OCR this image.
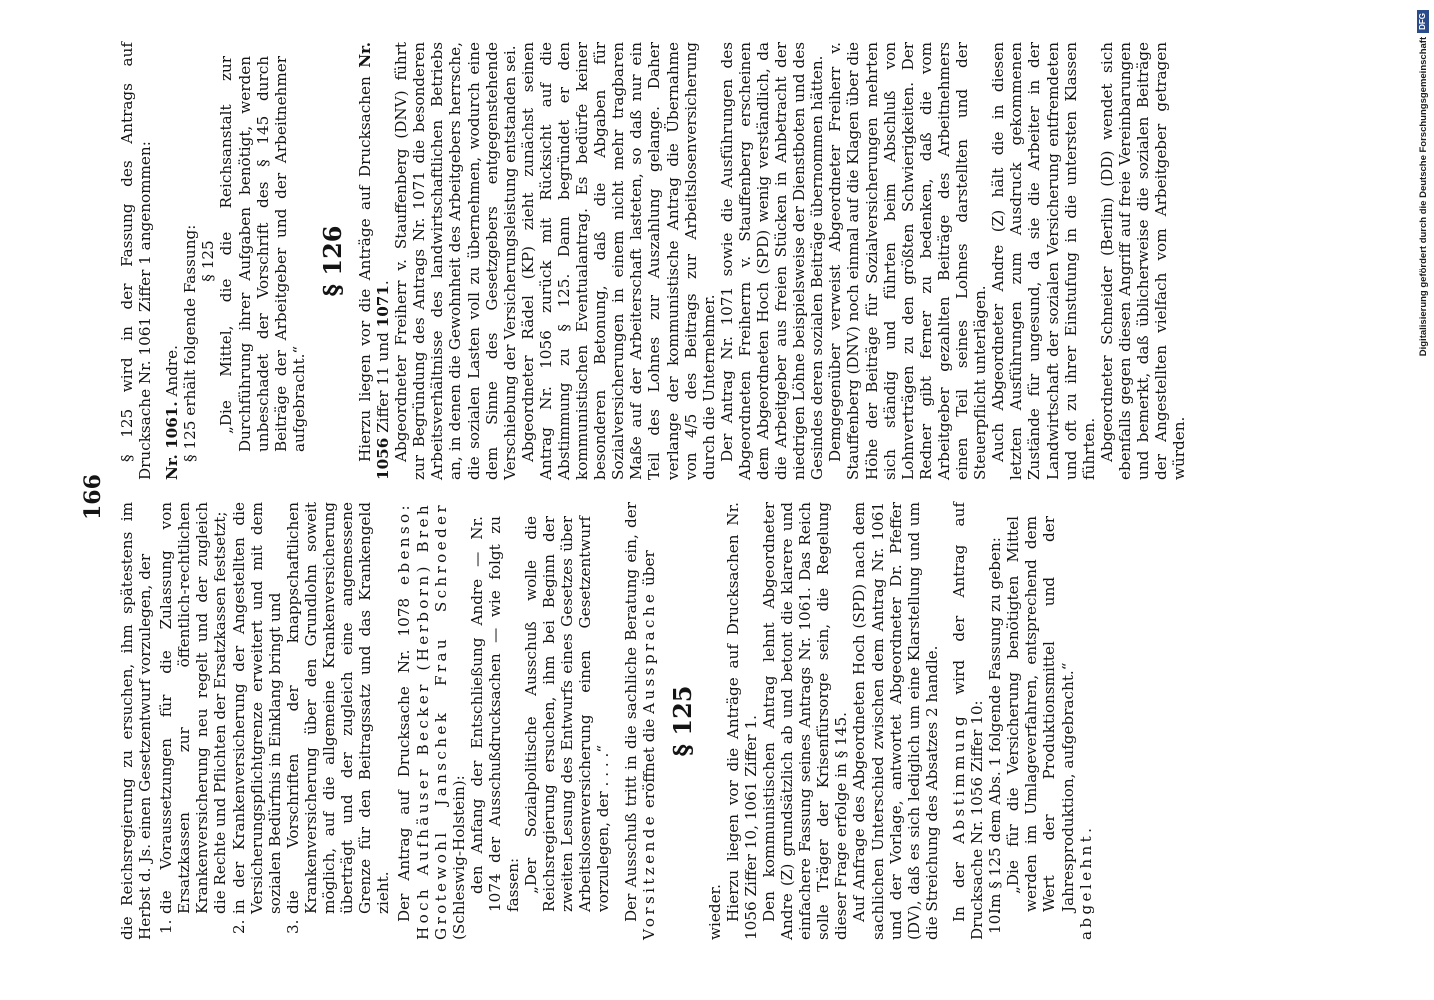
166

die Reichsregierung zu ersuchen, ihm spätestens im Herbst d. Js. einen Gesetzentwurf vorzulegen, der 1.
die Voraussetzungen für die Zulassung von Ersatzkassen zur öffentlich-rechtlichen Krankenversicherung neu regelt und der zugleich die Rechte und Pflichten der Ersatzkassen festsetzt;
2.
in der Krankenversicherung der Angestellten die Versicherungspflichtgrenze erweitert und mit dem sozialen Bedürfnis in Einklang bringt und
3.
die Vorschriften der knappschaftlichen Krankenversicherung über den Grundlohn soweit möglich, auf die allgemeine Krankenversicherung überträgt und der zugleich eine angemessene Grenze für den Beitragssatz und das Krankengeld zieht. Der Antrag auf Drucksache Nr. 1078 ebenso: Hoch Aufhäuser Becker (Herborn) Breh Grotewohl Janschek Frau Schroeder (Schleswig-Holstein): den Anfang der Entschließung Andre — Nr. 1074 der Ausschußdrucksachen — wie folgt zu fassen: „Der Sozialpolitische Ausschuß wolle die Reichsregierung ersuchen, ihm bei Beginn der zweiten Lesung des Entwurfs eines Gesetzes über Arbeitslosenversicherung einen Gesetzentwurf vorzulegen, der . . . .“ Der Ausschuß tritt in die sachliche Beratung ein, der Vorsitzende eröffnet die Aussprache über

§ 125

wieder. Hierzu liegen vor die Anträge auf Drucksachen Nr. 1056 Ziffer 10, 1061 Ziffer 1. Den kommunistischen Antrag lehnt Abgeordneter Andre (Z) grundsätzlich ab und betont die klarere und einfachere Fassung seines Antrags Nr. 1061. Das Reich solle Träger der Krisenfürsorge sein, die Regelung dieser Frage erfolge in § 145. Auf Anfrage des Abgeordneten Hoch (SPD) nach dem sachlichen Unterschied zwischen dem Antrag Nr. 1061 und der Vorlage, antwortet Abgeordneter Dr. Pfeffer (DV), daß es sich lediglich um eine Klarstellung und um die Streichung des Absatzes 2 handle. In der Abstimmung wird der Antrag auf Drucksache Nr. 1056 Ziffer 10: 10.
Im § 125 dem Abs. 1 folgende Fassung zu geben: „Die für die Versicherung benötigten Mittel werden im Umlageverfahren, entsprechend dem Wert der Produktionsmittel und der Jahresproduktion, aufgebracht.“ abgelehnt.

§ 125 wird in der Fassung des Antrags auf Drucksache Nr. 1061 Ziffer 1 angenommen: Nr. 1061. Andre. § 125 erhält folgende Fassung: § 125 „Die Mittel, die die Reichsanstalt zur Durchführung ihrer Aufgaben benötigt, werden unbeschadet der Vorschrift des § 145 durch Beiträge der Arbeitgeber und der Arbeitnehmer aufgebracht.“

§ 126 Hierzu liegen vor die Anträge auf Drucksachen Nr. 1056 Ziffer 11 und 1071. Abgeordneter Freiherr v. Stauffenberg (DNV) führt zur Begründung des Antrags Nr. 1071 die besonderen Arbeitsverhältnisse des landwirtschaftlichen Betriebs an, in denen die Gewohnheit des Arbeitgebers herrsche, die sozialen Lasten voll zu übernehmen, wodurch eine dem Sinne des Gesetzgebers entgegenstehende Verschiebung der Versicherungsleistung entstanden sei. Abgeordneter Rädel (KP) zieht zunächst seinen Antrag Nr. 1056 zurück mit Rücksicht auf die Abstimmung zu § 125. Dann begründet er den kommunistischen Eventualantrag. Es bedürfe keiner besonderen Betonung, daß die Abgaben für Sozialversicherungen in einem nicht mehr tragbaren Maße auf der Arbeiterschaft lasteten, so daß nur ein Teil des Lohnes zur Auszahlung gelange. Daher verlange der kommunistische Antrag die Übernahme von 4/5 des Beitrags zur Arbeitslosenversicherung durch die Unternehmer. Der Antrag Nr. 1071 sowie die Ausführungen des Abgeordneten Freiherrn v. Stauffenberg erscheinen dem Abgeordneten Hoch (SPD) wenig verständlich, da die Arbeitgeber aus freien Stücken in Anbetracht der niedrigen Löhne beispielsweise der Dienstboten und des Gesindes deren sozialen Beiträge übernommen hätten. Demgegenüber verweist Abgeordneter Freiherr v. Stauffenberg (DNV) noch einmal auf die Klagen über die Höhe der Beiträge für Sozialversicherungen mehrten sich ständig und führten beim Abschluß von Lohnverträgen zu den größten Schwierigkeiten. Der Redner gibt ferner zu bedenken, daß die vom Arbeitgeber gezahlten Beiträge des Arbeitnehmers einen Teil seines Lohnes darstellten und der Steuerpflicht unterlägen. Auch Abgeordneter Andre (Z) hält die in diesen letzten Ausführungen zum Ausdruck gekommenen Zustände für ungesund, da sie die Arbeiter in der Landwirtschaft der sozialen Versicherung entfremdeten und oft zu ihrer Einstufung in die untersten Klassen führten. Abgeordneter Schneider (Berlin) (DD) wendet sich ebenfalls gegen diesen Angriff auf freie Vereinbarungen und bemerkt, daß üblicherweise die sozialen Beiträge der Angestellten vielfach vom Arbeitgeber getragen würden.

Digitalisierung gefördert durch die Deutsche Forschungsgemeinschaft
DFG
